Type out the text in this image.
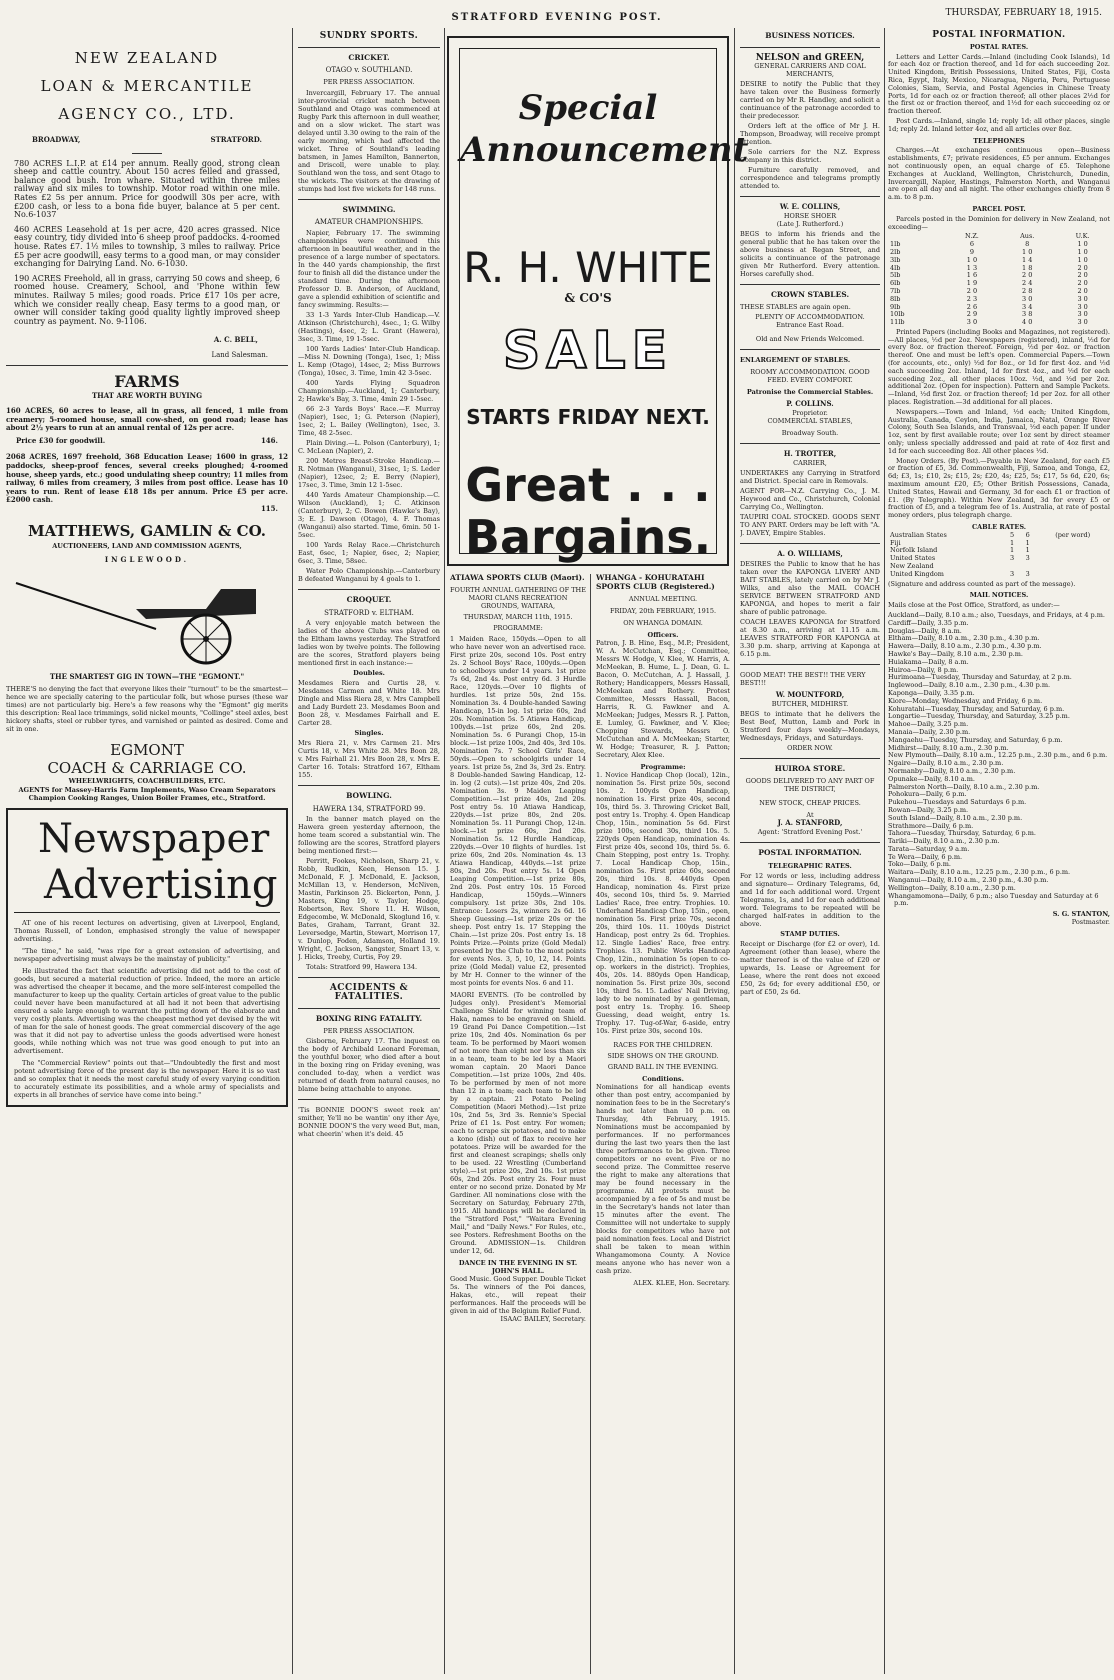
STRATFORD EVENING POST.	THURSDAY, FEBRUARY 18, 1915.
NEW ZEALAND
LOAN & MERCANTILE
AGENCY CO., LTD.
BROADWAY,	STRATFORD.
780 ACRES L.I.P. at £14 per annum. Really good, strong clean sheep and cattle country. About 150 acres felled and grassed, balance good bush. Iron whare. Situated within three miles railway and six miles to township. Motor road within one mile. Rates £2 5s per annum. Price for goodwill 30s per acre, with £200 cash, or less to a bona fide buyer, balance at 5 per cent. No.6-1037
460 ACRES Leasehold at 1s per acre, 420 acres grassed. Nice easy country, tidy divided into 6 sheep proof paddocks. 4-roomed house. Rates £7. 1½ miles to township, 3 miles to railway. Price £5 per acre goodwill, easy terms to a good man, or may consider exchanging for Dairying Land. No. 6-1030.
190 ACRES Freehold, all in grass, carrying 50 cows and sheep, 6 roomed house. Creamery, School, and 'Phone within few minutes. Railway 5 miles; good roads. Price £17 10s per acre, which we consider really cheap. Easy terms to a good man, or owner will consider taking good quality lightly improved sheep country as payment. No. 9-1106.
A. C. BELL,
Land Salesman.
FARMS
THAT ARE WORTH BUYING
160 ACRES, 60 acres to lease, all in grass, all fenced, 1 mile from creamery; 5-roomed house, small cow-shed, on good road; lease has about 2½ years to run at an annual rental of 12s per acre.
Price £30 for goodwill.	146.
2068 ACRES, 1697 freehold, 368 Education Lease; 1600 in grass, 12 paddocks, sheep-proof fences, several creeks ploughed; 4-roomed house, sheep yards, etc.; good undulating sheep country; 11 miles from railway, 6 miles from creamery, 3 miles from post office. Lease has 10 years to run. Rent of lease £18 18s per annum. Price £5 per acre. £2000 cash.
115.
MATTHEWS, GAMLIN & CO.
AUCTIONEERS, LAND AND COMMISSION AGENTS,
INGLEWOOD.
THE SMARTEST GIG IN TOWN—THE "EGMONT."
THERE'S no denying the fact that everyone likes their "turnout" to be the smartest—hence we are specially catering to the particular folk, but whose purses (these war times) are not particularly big. Here's a few reasons why the "Egmont" gig merits this description: Real lace trimmings, solid nickel mounts, "Collinge" steel axles, best hickory shafts, steel or rubber tyres, and varnished or painted as desired. Come and sit in one.
EGMONT
COACH & CARRIAGE CO.
WHEELWRIGHTS, COACHBUILDERS, ETC.
AGENTS for Massey-Harris Farm Implements, Waso Cream Separators Champion Cooking Ranges, Union Boiler Frames, etc., Stratford.
Newspaper
Advertising
AT one of his recent lectures on advertising, given at Liverpool, England, Thomas Russell, of London, emphasised strongly the value of newspaper advertising.
"The time," he said, "was ripe for a great extension of advertising, and newspaper advertising must always be the mainstay of publicity."
He illustrated the fact that scientific advertising did not add to the cost of goods, but secured a material reduction of price. Indeed, the more an article was advertised the cheaper it became, and the more self-interest compelled the manufacturer to keep up the quality. Certain articles of great value to the public could never have been manufactured at all had it not been that advertising ensured a sale large enough to warrant the putting down of the elaborate and very costly plants. Advertising was the cheapest method yet devised by the wit of man for the sale of honest goods. The great commercial discovery of the age was that it did not pay to advertise unless the goods advertised were honest goods, while nothing which was not true was good enough to put into an advertisement.
The "Commercial Review" points out that—"Undoubtedly the first and most potent advertising force of the present day is the newspaper. Here it is so vast and so complex that it needs the most careful study of every varying condition to accurately estimate its possibilities, and a whole army of specialists and experts in all branches of service have come into being."
SUNDRY SPORTS.
CRICKET.
OTAGO v. SOUTHLAND.
PER PRESS ASSOCIATION.
Invercargill, February 17. The annual inter-provincial cricket match between Southland and Otago was commenced at Rugby Park this afternoon in dull weather, and on a slow wicket. The start was delayed until 3.30 owing to the rain of the early morning, which had affected the wicket. Three of Southland's leading batsmen, in James Hamilton, Bannerton, and Driscoll, were unable to play. Southland won the toss, and sent Otago to the wickets. The visitors at the drawing of stumps had lost five wickets for 148 runs.
SWIMMING.
AMATEUR CHAMPIONSHIPS.
Napier, February 17. The swimming championships were continued this afternoon in beautiful weather, and in the presence of a large number of spectators. In the 440 yards championship, the first four to finish all did the distance under the standard time. During the afternoon Professor D. B. Anderson, of Auckland, gave a splendid exhibition of scientific and fancy swimming. Results:—
33 1-3 Yards Inter-Club Handicap.—V. Atkinson (Christchurch), 4sec., 1; G. Wilby (Hastings), 4sec, 2; L. Grant (Hawera), 3sec, 3. Time, 19 1-5sec.
100 Yards Ladies' Inter-Club Handicap.—Miss N. Downing (Tonga), 1sec, 1; Miss L. Kemp (Otago), 14sec, 2; Miss Burrows (Tonga), 10sec, 3. Time, 1min 42 3-5sec.
400 Yards Flying Squadron Championship.—Auckland, 1; Canterbury, 2; Hawke's Bay, 3. Time, 4min 29 1-5sec.
66 2-3 Yards Boys' Race.—F. Murray (Napier), 1sec, 1; G. Peterson (Napier), 1sec, 2; L. Bailey (Wellington), 1sec, 3. Time, 48 2-5sec.
Plain Diving.—L. Polson (Canterbury), 1; C. McLean (Napier), 2.
200 Metres Breast-Stroke Handicap.—R. Notman (Wanganui), 31sec, 1; S. Leder (Napier), 12sec, 2; E. Berry (Napier), 17sec, 3. Time, 3min 12 1-5sec.
440 Yards Amateur Championship.—C. Wilson (Auckland), 1; C. Atkinson (Canterbury), 2; C. Bowen (Hawke's Bay), 3; E. J. Dawson (Otago), 4. F. Thomas (Wanganui) also started. Time, 6min. 50 1-5sec.
100 Yards Relay Race.—Christchurch East, 6sec, 1; Napier, 6sec, 2; Napier, 6sec, 3. Time, 58sec.
Water Polo Championship.—Canterbury B defeated Wanganui by 4 goals to 1.
CROQUET.
STRATFORD v. ELTHAM.
A very enjoyable match between the ladies of the above Clubs was played on the Eltham lawns yesterday. The Stratford ladies won by twelve points. The following are the scores, Stratford players being mentioned first in each instance:—
Doubles.
Mesdames Riera and Curtis 28, v. Mesdames Carmen and White 18. Mrs Dingle and Miss Riera 28, v. Mrs Campbell and Lady Burdett 23. Mesdames Boon and Boon 28, v. Mesdames Fairhall and E. Carter 28.
Singles.
Mrs Riera 21, v. Mrs Carmen 21. Mrs Curtis 18, v. Mrs White 28. Mrs Boon 28, v. Mrs Fairhall 21. Mrs Boon 28, v. Mrs E. Carter 16. Totals: Stratford 167, Eltham 155.
BOWLING.
HAWERA 134, STRATFORD 99.
In the banner match played on the Hawera green yesterday afternoon, the home team scored a substantial win. The following are the scores, Stratford players being mentioned first:—
Perritt, Fookes, Nicholson, Sharp 21, v. Robb, Rudkin, Keen, Henson 15. J. McDonald, F. J. McDonald, E. Jackson, McMillan 13, v. Henderson, McNiven, Mastin, Parkinson 25. Bickerton, Penn, J. Masters, King 19, v. Taylor, Hodge, Robertson, Rev. Shore 11. H. Wilson, Edgecombe, W. McDonald, Skoglund 16, v. Bates, Graham, Tarrant, Grant 32. Leversedge, Martin, Stewart, Morrison 17, v. Dunlop, Foden, Adamson, Holland 19. Wright, C. Jackson, Sangster, Smart 13, v. J. Hicks, Treeby, Curtis, Foy 29.
Totals: Stratford 99, Hawera 134.
ACCIDENTS & FATALITIES.
BOXING RING FATALITY.
PER PRESS ASSOCIATION.
Gisborne, February 17. The inquest on the body of Archibald Leonard Foreman, the youthful boxer, who died after a bout in the boxing ring on Friday evening, was concluded to-day, when a verdict was returned of death from natural causes, no blame being attachable to anyone.
'Tis BONNIE DOON'S sweet reek an' smither, Ye'll no be wantin' ony ither Aye, BONNIE DOON'S the very weed But, man, what cheerin' when it's deid. 45
Special
Announcement
R. H. WHITE
& CO'S
SALE
STARTS FRIDAY NEXT.
Great . . .
Bargains.
ATIAWA SPORTS CLUB (Maori).
FOURTH ANNUAL GATHERING OF THE MAORI CLANS RECREATION GROUNDS, WAITARA,
THURSDAY, MARCH 11th, 1915.
PROGRAMME:
1 Maiden Race, 150yds.—Open to all who have never won an advertised race. First prize 20s, second 10s. Post entry 2s. 2 School Boys' Race, 100yds.—Open to schoolboys under 14 years. 1st prize 7s 6d, 2nd 4s. Post entry 6d. 3 Hurdle Race, 120yds.—Over 10 flights of hurdles. 1st prize 50s, 2nd 15s. Nomination 3s. 4 Double-handed Sawing Handicap, 15-in log. 1st prize 60s, 2nd 20s. Nomination 5s. 5 Atiawa Handicap, 100yds.—1st prize 60s, 2nd 20s. Nomination 5s. 6 Purangi Chop, 15-in block.—1st prize 100s, 2nd 40s, 3rd 10s. Nomination 7s. 7 School Girls' Race, 50yds.—Open to schoolgirls under 14 years. 1st prize 5s, 2nd 3s, 3rd 2s. Entry. 8 Double-handed Sawing Handicap, 12-in. log (2 cuts).—1st prize 40s, 2nd 20s. Nomination 3s. 9 Maiden Leaping Competition.—1st prize 40s, 2nd 20s. Post entry 5s. 10 Atiawa Handicap, 220yds.—1st prize 80s, 2nd 20s. Nomination 5s. 11 Purangi Chop, 12-in. block.—1st prize 60s, 2nd 20s. Nomination 5s. 12 Hurdle Handicap, 220yds.—Over 10 flights of hurdles. 1st prize 60s, 2nd 20s. Nomination 4s. 13 Atiawa Handicap, 440yds.—1st prize 80s, 2nd 20s. Post entry 5s. 14 Open Leaping Competition.—1st prize 80s, 2nd 20s. Post entry 10s. 15 Forced Handicap, 150yds.—Winners compulsory. 1st prize 30s, 2nd 10s. Entrance: Losers 2s, winners 2s 6d. 16 Sheep Guessing.—1st prize 20s or the sheep. Post entry 1s. 17 Stepping the Chain.—1st prize 20s. Post entry 1s. 18 Points Prize.—Points prize (Gold Medal) presented by the Club to the most points for events Nos. 3, 5, 10, 12, 14. Points prize (Gold Medal) value £2, presented by Mr H. Conner to the winner of the most points for events Nos. 6 and 11.
MAORI EVENTS. (To be controlled by Judges only). President's Memorial Challenge Shield for winning team of Haka, names to be engraved on Shield. 19 Grand Poi Dance Competition.—1st prize 10s, 2nd 40s. Nomination 6s per team. To be performed by Maori women of not more than eight nor less than six in a team, team to be led by a Maori woman captain. 20 Maori Dance Competition.—1st prize 100s, 2nd 40s. To be performed by men of not more than 12 in a team; each team to be led by a captain. 21 Potato Peeling Competition (Maori Method).—1st prize 10s, 2nd 5s, 3rd 3s. Rennie's Special Prize of £1 1s. Post entry. For women; each to scrape six potatoes, and to make a kono (dish) out of flax to receive her potatoes. Prize will be awarded for the first and cleanest scrapings; shells only to be used. 22 Wrestling (Cumberland style).—1st prize 20s, 2nd 10s. 1st prize 60s, 2nd 20s. Post entry 2s. Four must enter or no second prize. Donated by Mr Gardiner. All nominations close with the Secretary on Saturday, February 27th, 1915. All handicaps will be declared in the "Stratford Post," "Waitara Evening Mail," and "Daily News." For Rules, etc., see Posters. Refreshment Booths on the Ground. ADMISSION—1s. Children under 12, 6d.
DANCE IN THE EVENING IN ST. JOHN'S HALL.
Good Music. Good Supper. Double Ticket 5s. The winners of the Poi dances, Hakas, etc., will repeat their performances. Half the proceeds will be given in aid of the Belgium Relief Fund.
ISAAC BAILEY, Secretary.
WHANGA - KOHURATAHI SPORTS CLUB (Registered.)
ANNUAL MEETING.
FRIDAY, 20th FEBRUARY, 1915.
ON WHANGA DOMAIN.
Officers.
Patron, J. B. Hine, Esq., M.P.; President, W. A. McCutchan, Esq.; Committee, Messrs W. Hodge, V. Klee, W. Harris, A. McMeekan, B. Hume, L. J. Dean, G. L. Bacon, O. McCutchan, A. J. Hassall, J. Rothery; Handicappers, Messrs Hassall, McMeekan and Rothery. Protest Committee, Messrs Hassall, Bacon, Harris, R. G. Fawkner and A. McMeekan; Judges, Messrs R. J. Patton, E. Lumley, G. Fawkner, and V. Klee; Chopping Stewards, Messrs O. McCutchan and A. McMeekan; Starter, W. Hodge; Treasurer, R. J. Patton; Secretary, Alex Klee.
Programme:
1. Novice Handicap Chop (local), 12in., nomination 5s. First prize 50s, second 10s. 2. 100yds Open Handicap, nomination 1s. First prize 40s, second 10s, third 5s. 3. Throwing Cricket Ball, post entry 1s. Trophy. 4. Open Handicap Chop, 15in., nomination 5s 6d. First prize 100s, second 30s, third 10s. 5. 220yds Open Handicap, nomination 4s. First prize 40s, second 10s, third 5s. 6. Chain Stepping, post entry 1s. Trophy. 7. Local Handicap Chop, 15in., nomination 5s. First prize 60s, second 20s, third 10s. 8. 440yds Open Handicap, nomination 4s. First prize 40s, second 10s, third 5s. 9. Married Ladies' Race, free entry. Trophies. 10. Underhand Handicap Chop, 15in., open, nomination 5s. First prize 70s, second 20s, third 10s. 11. 100yds District Handicap, post entry 2s 6d. Trophies. 12. Single Ladies' Race, free entry. Trophies. 13. Public Works Handicap Chop, 12in., nomination 5s (open to co-op. workers in the district). Trophies, 40s, 20s. 14. 880yds Open Handicap, nomination 5s. First prize 30s, second 10s, third 5s. 15. Ladies' Nail Driving, lady to be nominated by a gentleman, post entry 1s. Trophy. 16. Sheep Guessing, dead weight, entry 1s. Trophy. 17. Tug-of-War, 6-aside, entry 10s. First prize 30s, second 10s.
RACES FOR THE CHILDREN.
SIDE SHOWS ON THE GROUND.
GRAND BALL IN THE EVENING.
Conditions.
Nominations for all handicap events other than post entry, accompanied by nomination fees to be in the Secretary's hands not later than 10 p.m. on Thursday, 4th February, 1915. Nominations must be accompanied by performances. If no performances during the last two years then the last three performances to be given. Three competitors or no event. Five or no second prize. The Committee reserve the right to make any alterations that may be found necessary in the programme. All protests must be accompanied by a fee of 5s and must be in the Secretary's hands not later than 15 minutes after the event. The Committee will not undertake to supply blocks for competitors who have not paid nomination fees. Local and District shall be taken to mean within Whangamomona County. A Novice means anyone who has never won a cash prize.
ALEX. KLEE, Hon. Secretary.
BUSINESS NOTICES.
NELSON and GREEN,
GENERAL CARRIERS AND COAL MERCHANTS,
DESIRE to notify the Public that they have taken over the Business formerly carried on by Mr R. Handley, and solicit a continuance of the patronage accorded to their predecessor.
Orders left at the office of Mr J. H. Thompson, Broadway, will receive prompt attention.
Sole carriers for the N.Z. Express Company in this district.
Furniture carefully removed, and correspondence and telegrams promptly attended to.
W. E. COLLINS,
HORSE SHOER
(Late J. Rutherford.)
BEGS to inform his friends and the general public that he has taken over the above business at Regan Street, and solicits a continuance of the patronage given Mr Rutherford. Every attention. Horses carefully shod.
CROWN STABLES.
THESE STABLES are again open.
PLENTY OF ACCOMMODATION.
Entrance East Road.
Old and New Friends Welcomed.
ENLARGEMENT OF STABLES.
ROOMY ACCOMMODATION. GOOD FEED. EVERY COMFORT.
Patronise the Commercial Stables.
P. COLLINS.
Proprietor.
COMMERCIAL STABLES,
Broadway South.
H. TROTTER,
CARRIER,
UNDERTAKES any Carrying in Stratford and District. Special care in Removals.
AGENT FOR—N.Z. Carrying Co., J. M. Heywood and Co., Christchurch, Colonial Carrying Co., Wellington.
TAUPIRI COAL STOCKED. GOODS SENT TO ANY PART. Orders may be left with "A. J. DAVEY, Empire Stables.
A. O. WILLIAMS,
DESIRES the Public to know that he has taken over the KAPONGA LIVERY AND BAIT STABLES, lately carried on by Mr J. Wilks, and also the MAIL COACH SERVICE BETWEEN STRATFORD AND KAPONGA, and hopes to merit a fair share of public patronage.
COACH LEAVES KAPONGA for Stratford at 8.30 a.m., arriving at 11.15 a.m. LEAVES STRATFORD FOR KAPONGA at 3.30 p.m. sharp, arriving at Kaponga at 6.15 p.m.
GOOD MEAT! THE BEST!! THE VERY BEST!!!
W. MOUNTFORD,
BUTCHER, MIDHIRST.
BEGS to intimate that he delivers the Best Beef, Mutton, Lamb and Pork in Stratford four days weekly—Mondays, Wednesdays, Fridays, and Saturdays.
ORDER NOW.
HUIROA STORE.
GOODS DELIVERED TO ANY PART OF THE DISTRICT,
NEW STOCK, CHEAP PRICES.
At
J. A. STANFORD,
Agent: 'Stratford Evening Post.'
POSTAL INFORMATION.
TELEGRAPHIC RATES.
For 12 words or less, including address and signature— Ordinary Telegrams, 6d, and 1d for each additional word. Urgent Telegrams, 1s, and 1d for each additional word. Telegrams to be repeated will be charged half-rates in addition to the above.
STAMP DUTIES.
Receipt or Discharge (for £2 or over), 1d. Agreement (other than lease), where the matter thereof is of the value of £20 or upwards, 1s. Lease or Agreement for Lease, where the rent does not exceed £50, 2s 6d; for every additional £50, or part of £50, 2s 6d.
POSTAL INFORMATION.
POSTAL RATES.
Letters and Letter Cards.—Inland (including Cook Islands), 1d for each 4oz or fraction thereof, and 1d for each succeeding 2oz. United Kingdom, British Possessions, United States, Fiji, Costa Rica, Egypt, Italy, Mexico, Nicaragua, Nigeria, Peru, Portuguese Colonies, Siam, Servia, and Postal Agencies in Chinese Treaty Ports, 1d for each oz or fraction thereof; all other places 2½d for the first oz or fraction thereof, and 1½d for each succeeding oz or fraction thereof.
Post Cards.—Inland, single 1d; reply 1d; all other places, single 1d; reply 2d. Inland letter 4oz, and all articles over 8oz.
TELEPHONES
Charges.—At exchanges continuous open—Business establishments, £7; private residences, £5 per annum. Exchanges not continuously open, an equal charge of £5. Telephone Exchanges at Auckland, Wellington, Christchurch, Dunedin, Invercargill, Napier, Hastings, Palmerston North, and Wanganui are open all day and all night. The other exchanges chiefly from 8 a.m. to 8 p.m.
PARCEL POST.
Parcels posted in the Dominion for delivery in New Zealand, not exceeding—
	N.Z.	Aus.	U.K.
1lb	6	8	1 0
2lb	9	1 0	1 0
3lb	1 0	1 4	1 0
4lb	1 3	1 8	2 0
5lb	1 6	2 0	2 0
6lb	1 9	2 4	2 0
7lb	2 0	2 8	2 0
8lb	2 3	3 0	3 0
9lb	2 6	3 4	3 0
10lb	2 9	3 8	3 0
11lb	3 0	4 0	3 0
Printed Papers (including Books and Magazines, not registered).—All places, ½d per 2oz. Newspapers (registered), inland, ½d for every 8oz. or fraction thereof. Foreign, ½d per 4oz. or fraction thereof. One and must be left's open. Commercial Papers.—Town (for accounts, etc., only) ½d for 8oz., or 1d for first 4oz. and ½d each succeeding 2oz. Inland, 1d for first 4oz., and ½d for each succeeding 2oz., all other places 10oz. ½d, and ½d per 2oz. additional 2oz. (Open for inspection). Pattern and Sample Packets.—Inland, ½d first 2oz. or fraction thereof; 1d per 2oz. for all other places. Registration.—3d additional for all places.
Newspapers.—Town and Inland, ½d each; United Kingdom, Australia, Canada, Ceylon, India, Jamaica, Natal, Orange River Colony, South Sea Islands, and Transvaal, ½d each paper. If under 1oz, sent by first available route; over 1oz sent by direct steamer only; unless specially addressed and paid at rate of 4oz first and 1d for each succeeding 8oz. All other places ½d.
Money Orders. (By Post).—Payable in New Zealand, for each £5 or fraction of £5, 3d. Commonwealth, Fiji, Samoa, and Tonga, £2, 6d; £3, 1s; £10, 2s; £15, 2s; £20, 4s; £25, 5s; £17, 5s 6d, £20, 6s; maximum amount £20, £5; Other British Possessions, Canada, United States, Hawaii and Germany, 3d for each £1 or fraction of £1. (By Telegraph). Within New Zealand, 3d for every £5 or fraction of £5, and a telegram fee of 1s. Australia, at rate of postal money orders, plus telegraph charge.
CABLE RATES.
Australian States	5	6	(per word)
Fiji	1	1	
Norfolk Island	1	1	
United States	3	3	
New Zealand			
United Kingdom	3	3	
(Signature and address counted as part of the message).
MAIL NOTICES.
Mails close at the Post Office, Stratford, as under:—
Auckland—Daily, 8.10 a.m.; also, Tuesdays, and Fridays, at 4 p.m.
Cardiff—Daily, 3.35 p.m.
Douglas—Daily, 8 a.m.
Eltham—Daily, 8.10 a.m., 2.30 p.m., 4.30 p.m.
Hawera—Daily, 8.10 a.m., 2.30 p.m., 4.30 p.m.
Hawke's Bay—Daily, 8.10 a.m., 2.30 p.m.
Huiakama—Daily, 8 a.m.
Huiroa—Daily, 8 p.m.
Hurimoana—Tuesday, Thursday and Saturday, at 2 p.m.
Inglewood—Daily, 8.10 a.m., 2.30 p.m., 4.30 p.m.
Kaponga—Daily, 3.35 p.m.
Kiore—Monday, Wednesday, and Friday, 6 p.m.
Kohuratahi—Tuesday, Thursday, and Saturday, 6 p.m.
Longartie—Tuesday, Thursday, and Saturday, 3.25 p.m.
Mahoe—Daily, 3.25 p.m.
Manaia—Daily, 2.30 p.m.
Mangaehu—Tuesday, Thursday, and Saturday, 6 p.m.
Midhirst—Daily, 8.10 a.m., 2.30 p.m.
New Plymouth—Daily, 8.10 a.m., 12.25 p.m., 2.30 p.m., and 6 p.m.
Ngaire—Daily, 8.10 a.m., 2.30 p.m.
Normanby—Daily, 8.10 a.m., 2.30 p.m.
Opunake—Daily, 8.10 a.m.
Palmerston North—Daily, 8.10 a.m., 2.30 p.m.
Pohokura—Daily, 6 p.m.
Pukehou—Tuesdays and Saturdays 6 p.m.
Rowan—Daily, 3.25 p.m.
South Island—Daily, 8.10 a.m., 2.30 p.m.
Strathmore—Daily, 6 p.m.
Tahora—Tuesday, Thursday, Saturday, 6 p.m.
Tariki—Daily, 8.10 a.m., 2.30 p.m.
Tarata—Saturday, 9 a.m.
Te Wera—Daily, 6 p.m.
Toko—Daily, 6 p.m.
Waitara—Daily, 8.10 a.m., 12.25 p.m., 2.30 p.m., 6 p.m.
Wanganui—Daily, 8.10 a.m., 2.30 p.m., 4.30 p.m.
Wellington—Daily, 8.10 a.m., 2.30 p.m.
Whangamomona—Daily, 6 p.m.; also Tuesday and Saturday at 6 p.m.
S. G. STANTON,
Postmaster.
